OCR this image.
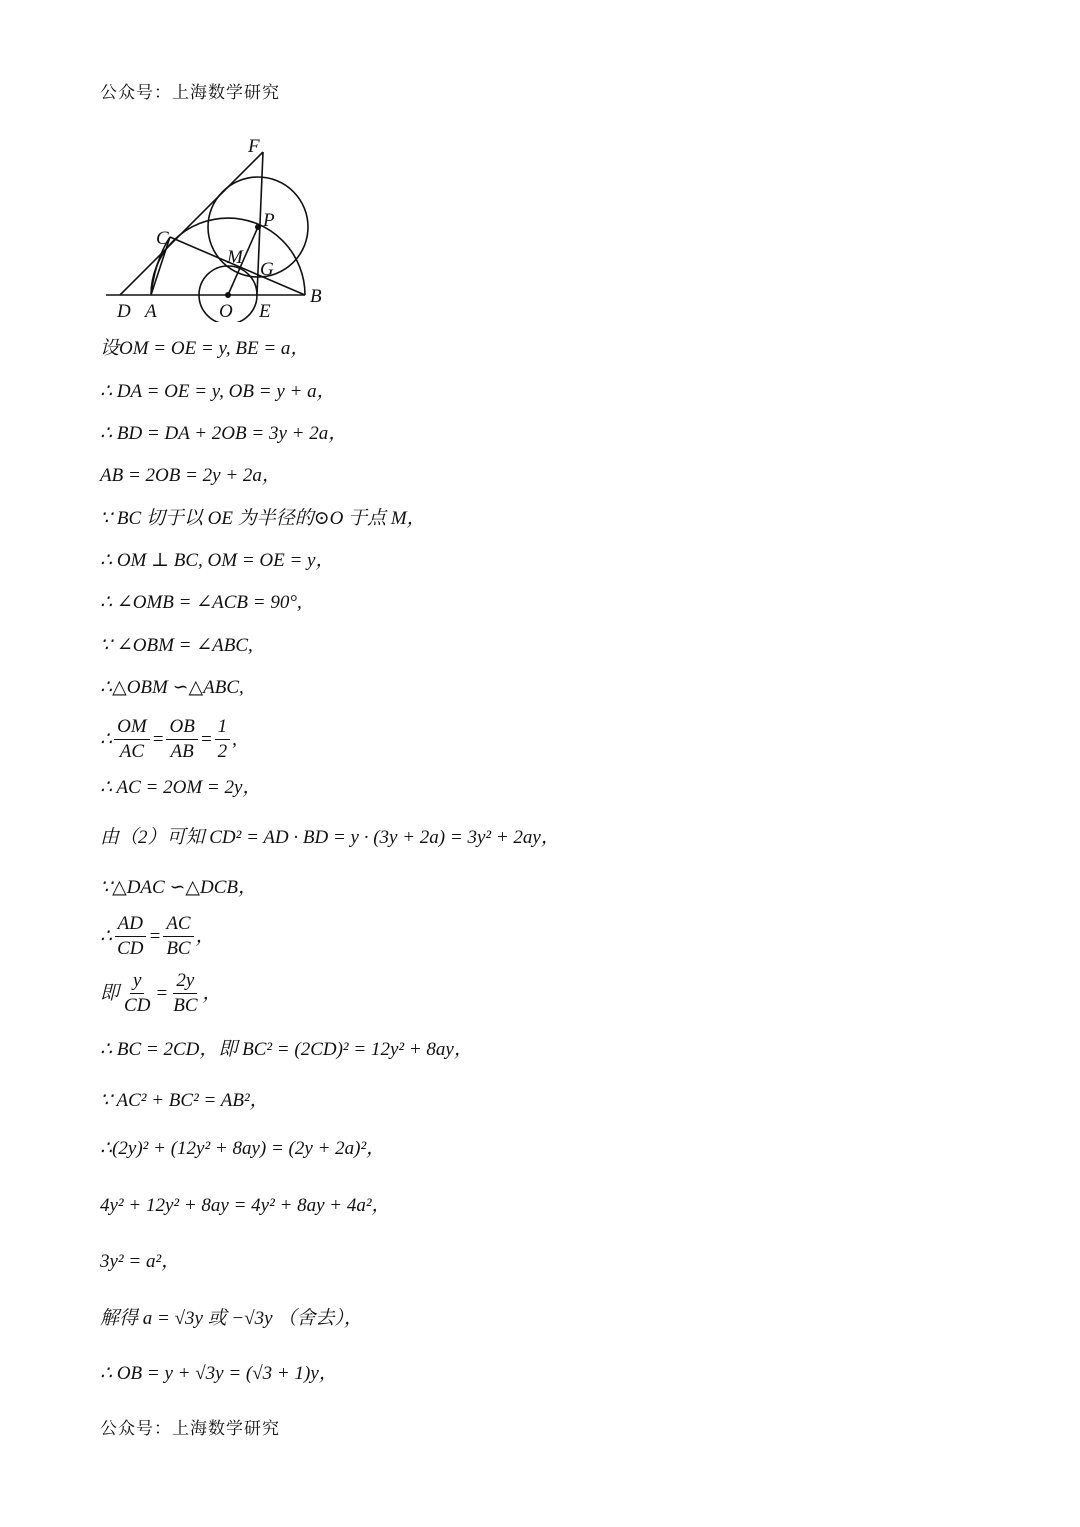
公众号：上海数学研究
F
P
C
M
G
D A	O E
B
设OM = OE = y, BE = a，
∴ DA = OE = y, OB = y + a，
∴ BD = DA + 2OB = 3y + 2a，
AB = 2OB = 2y + 2a，
∵ BC 切于以 OE 为半径的⊙O 于点 M，
∴ OM ⊥ BC, OM = OE = y，
∴ ∠OMB = ∠ACB = 90°,
∵ ∠OBM = ∠ABC,
∴△OBM ∽△ABC,
∴ $\frac{OM}{AC} = \frac{OB}{AB} = \frac{1}{2}$ ,
∴ AC = 2OM = 2y，
由（2）可知 CD² = AD · BD = y · (3y + 2a) = 3y² + 2ay，
∵△DAC ∽△DCB，
∴ $\frac{AD}{CD} = \frac{AC}{BC}$ ，
即 $\frac{y}{CD} = \frac{2y}{BC}$ ，
∴ BC = 2CD，即 BC² = (2CD)² = 12y² + 8ay，
∵ AC² + BC² = AB²，
∴(2y)² + (12y² + 8ay) = (2y + 2a)²，
4y² + 12y² + 8ay = 4y² + 8ay + 4a²，
3y² = a²，
解得 a = √3y 或 −√3y （舍去），
∴ OB = y + √3y = (√3 + 1)y，
公众号：上海数学研究
